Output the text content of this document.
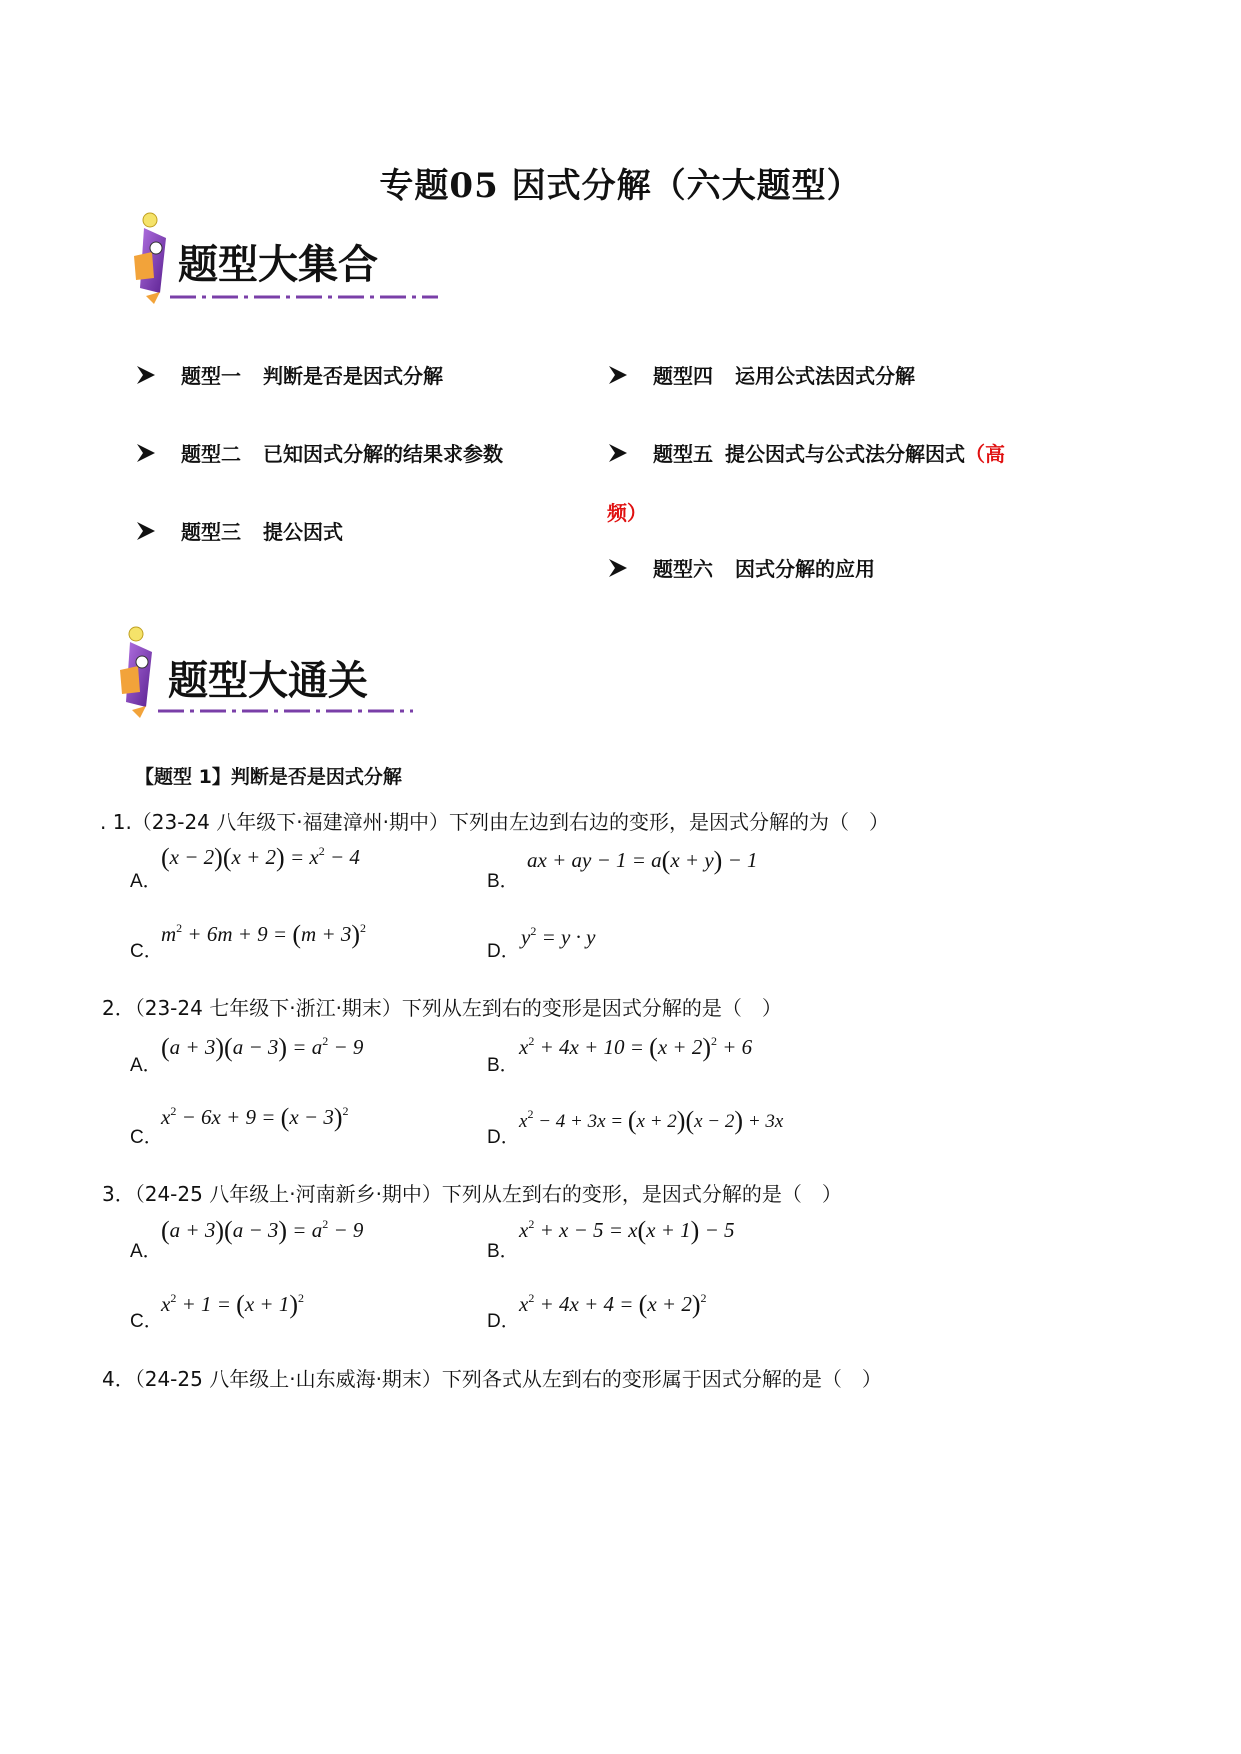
专题05 因式分解（六大题型）
题型大集合
题型一 判断是否是因式分解
题型二 已知因式分解的结果求参数
题型三 提公因式
题型四 运用公式法因式分解
题型五 提公因式与公式法分解因式（高
频）
题型六 因式分解的应用
题型大通关
【题型 1】判断是否是因式分解
. 1.（23-24 八年级下·福建漳州·期中）下列由左边到右边的变形，是因式分解的为（　）
A．
$(x - 2)(x + 2) = x^2 - 4$
B．
ax + ay − 1 = a(x + y) − 1
C．
$m^2 + 6m + 9 = (m + 3)^2$
D．
$y^2 = y \cdot y$
2．（23-24 七年级下·浙江·期末）下列从左到右的变形是因式分解的是（　）
A．
$(a + 3)(a - 3) = a^2 - 9$
B．
$x^2 + 4x + 10 = (x + 2)^2 + 6$
C．
$x^2 - 6x + 9 = (x - 3)^2$
D．
$x^2 - 4 + 3x = (x + 2)(x - 2) + 3x$
3．（24-25 八年级上·河南新乡·期中）下列从左到右的变形，是因式分解的是（　）
A．
$(a + 3)(a - 3) = a^2 - 9$
B．
$x^2 + x - 5 = x(x + 1) - 5$
C．
$x^2 + 1 = (x + 1)^2$
D．
$x^2 + 4x + 4 = (x + 2)^2$
4．（24-25 八年级上·山东威海·期末）下列各式从左到右的变形属于因式分解的是（　）
